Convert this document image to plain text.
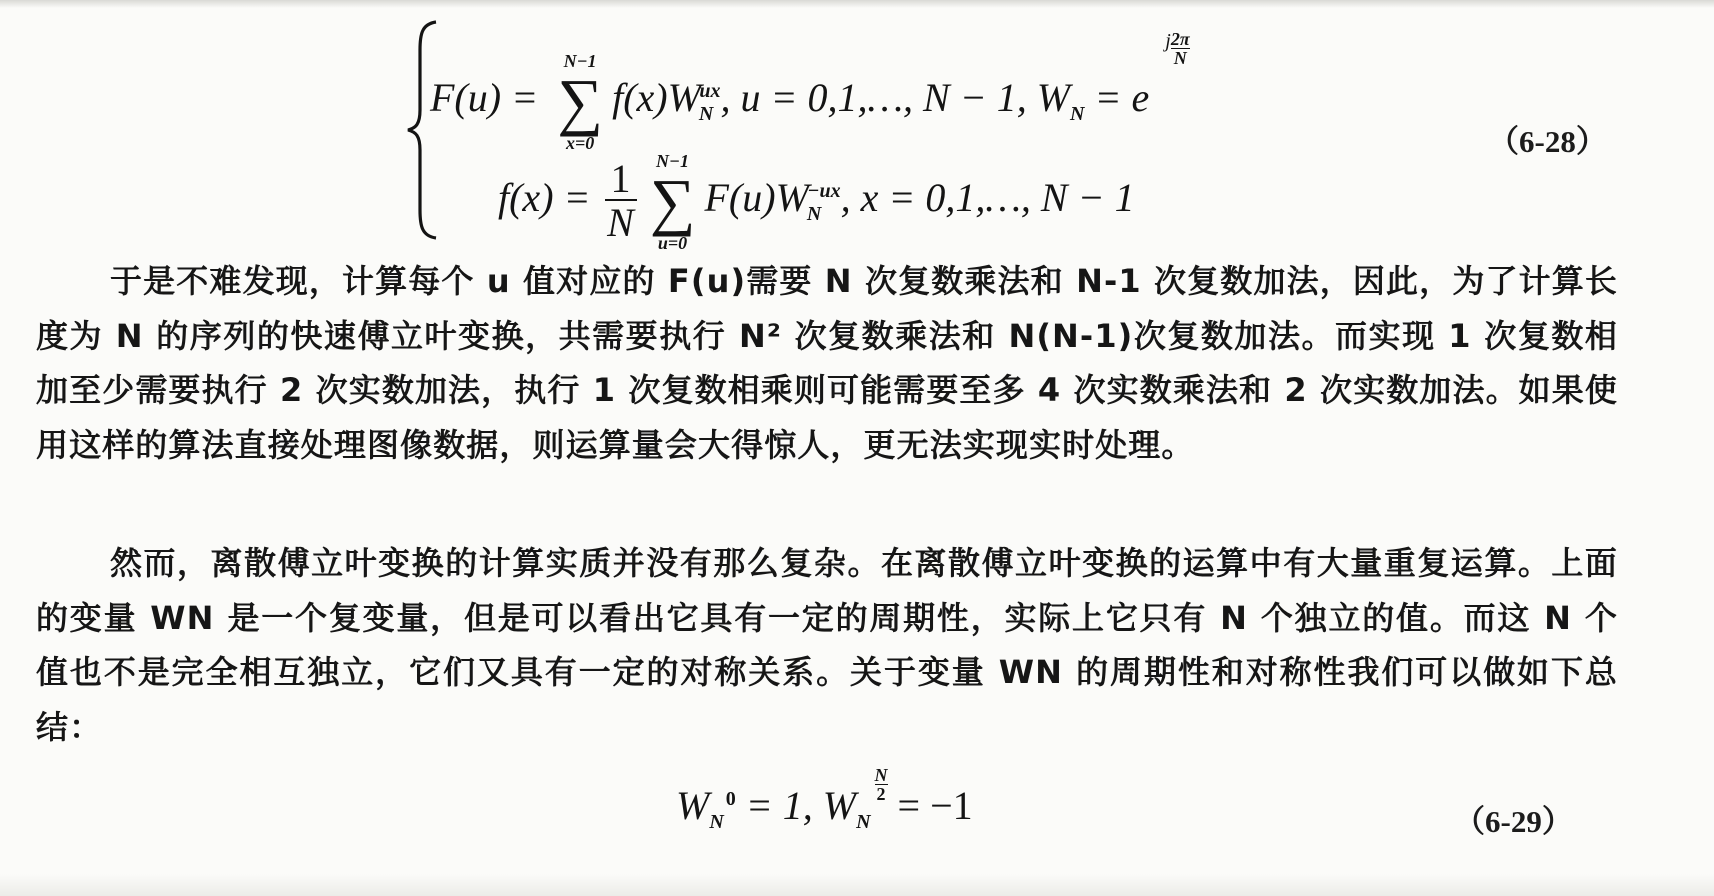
F(u) =
N−1
∑
x=0
$f(x)W_N^{ux}$, u = 0,1,…, N − 1, $W_N = e$ $^j \frac{2\pi}{N}$
$f(x) = \frac{1}{N}$	N−1
∑
u=0
$F(u)W_N^{-ux}$, x = 0,1,…, N − 1
（6-28）
于是不难发现，计算每个 u 值对应的 F(u)需要 N 次复数乘法和 N-1 次复数加法，因此，为了计算长度为 N 的序列的快速傅立叶变换，共需要执行 N² 次复数乘法和 N(N-1)次复数加法。而实现 1 次复数相加至少需要执行 2 次实数加法，执行 1 次复数相乘则可能需要至多 4 次实数乘法和 2 次实数加法。如果使用这样的算法直接处理图像数据，则运算量会大得惊人，更无法实现实时处理。
然而，离散傅立叶变换的计算实质并没有那么复杂。在离散傅立叶变换的运算中有大量重复运算。上面的变量 WN 是一个复变量，但是可以看出它具有一定的周期性，实际上它只有 N 个独立的值。而这 N 个值也不是完全相互独立，它们又具有一定的对称关系。关于变量 WN 的周期性和对称性我们可以做如下总结：
$W_N^0 = 1$, $W_N$
$\frac{N}{2} = -1$	（6-29）
